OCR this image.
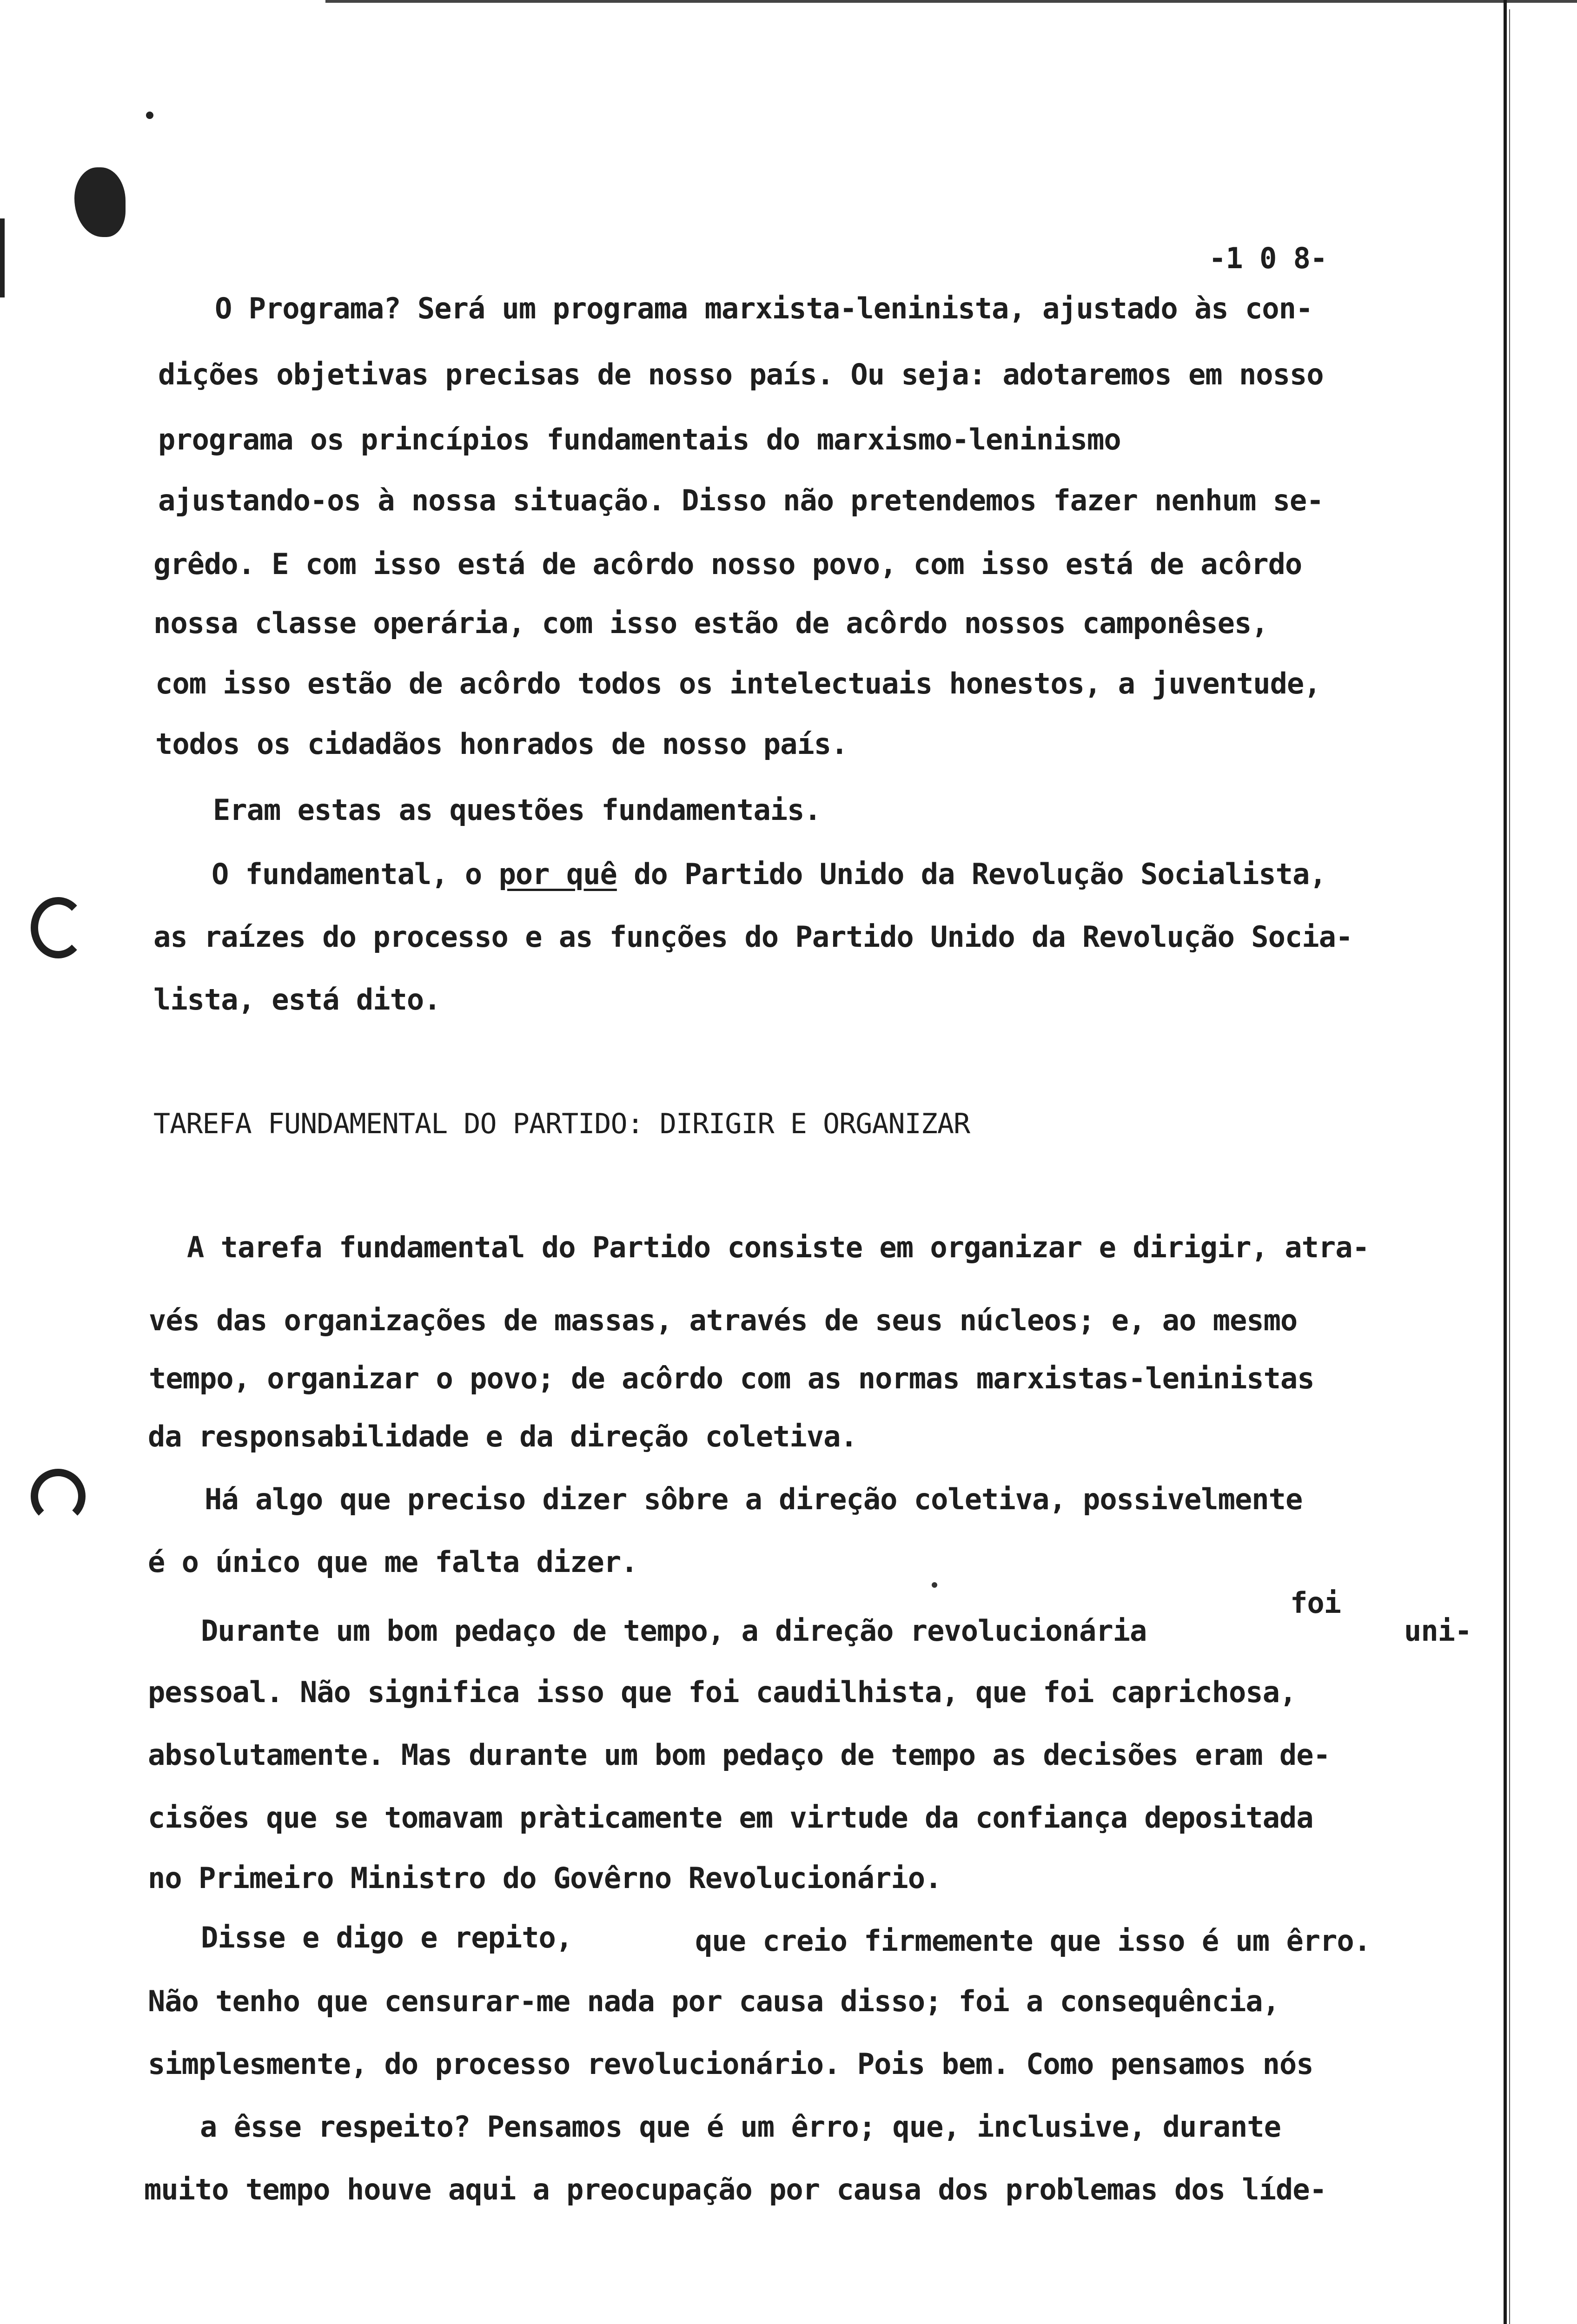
-1 0 8-
O Programa? Será um programa marxista-leninista, ajustado às con-
dições objetivas precisas de nosso país. Ou seja: adotaremos em nosso
programa os princípios fundamentais do marxismo-leninismo
ajustando-os à nossa situação. Disso não pretendemos fazer nenhum se-
grêdo. E com isso está de acôrdo nosso povo, com isso está de acôrdo
nossa classe operária, com isso estão de acôrdo nossos camponêses,
com isso estão de acôrdo todos os intelectuais honestos, a juventude,
todos os cidadãos honrados de nosso país.
Eram estas as questões fundamentais.
O fundamental, o por quê do Partido Unido da Revolução Socialista,
as raízes do processo e as funções do Partido Unido da Revolução Socia-
lista, está dito.
TAREFA FUNDAMENTAL DO PARTIDO: DIRIGIR E ORGANIZAR
A tarefa fundamental do Partido consiste em organizar e dirigir, atra-
vés das organizações de massas, através de seus núcleos; e, ao mesmo
tempo, organizar o povo; de acôrdo com as normas marxistas-leninistas
da responsabilidade e da direção coletiva.
Há algo que preciso dizer sôbre a direção coletiva, possivelmente
é o único que me falta dizer.
foi
Durante um bom pedaço de tempo, a direção revolucionária	uni-
pessoal. Não significa isso que foi caudilhista, que foi caprichosa,
absolutamente. Mas durante um bom pedaço de tempo as decisões eram de-
cisões que se tomavam pràticamente em virtude da confiança depositada
no Primeiro Ministro do Govêrno Revolucionário.
Disse e digo e repito,	que creio firmemente que isso é um êrro.
Não tenho que censurar-me nada por causa disso; foi a consequência,
simplesmente, do processo revolucionário. Pois bem. Como pensamos nós
a êsse respeito? Pensamos que é um êrro; que, inclusive, durante
muito tempo houve aqui a preocupação por causa dos problemas dos líde-
